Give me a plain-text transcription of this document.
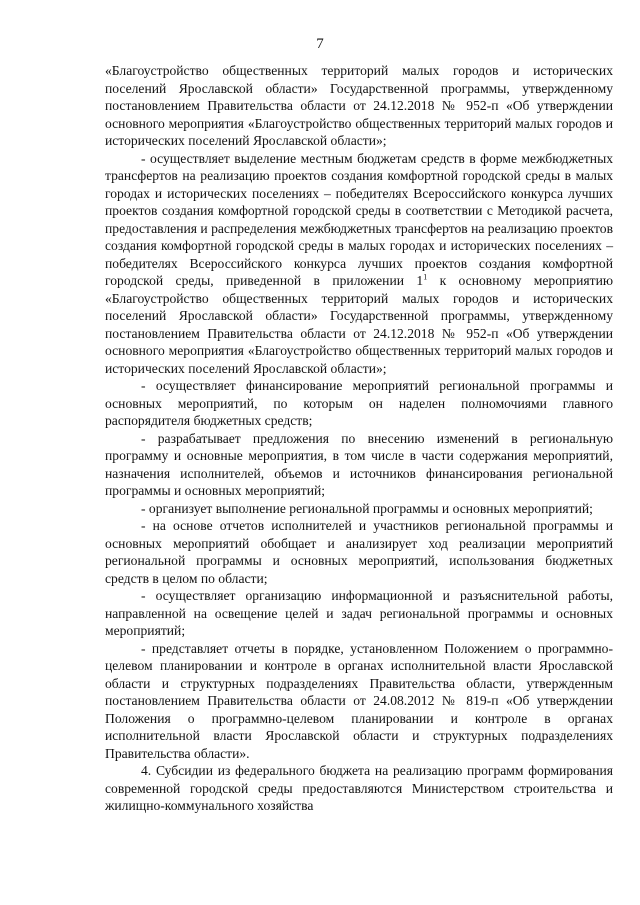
7

«Благоустройство общественных территорий малых городов и исторических поселений Ярославской области» Государственной программы, утвержденному постановлением Правительства области от 24.12.2018 № 952-п «Об утверждении основного мероприятия «Благоустройство общественных территорий малых городов и исторических поселений Ярославской области»;

- осуществляет выделение местным бюджетам средств в форме межбюджетных трансфертов на реализацию проектов создания комфортной городской среды в малых городах и исторических поселениях – победителях Всероссийского конкурса лучших проектов создания комфортной городской среды в соответствии с Методикой расчета, предоставления и распределения межбюджетных трансфертов на реализацию проектов создания комфортной городской среды в малых городах и исторических поселениях – победителях Всероссийского конкурса лучших проектов создания комфортной городской среды, приведенной в приложении $1^1$ к основному мероприятию «Благоустройство общественных территорий малых городов и исторических поселений Ярославской области» Государственной программы, утвержденному постановлением Правительства области от 24.12.2018 № 952-п «Об утверждении основного мероприятия «Благоустройство общественных территорий малых городов и исторических поселений Ярославской области»;

- осуществляет финансирование мероприятий региональной программы и основных мероприятий, по которым он наделен полномочиями главного распорядителя бюджетных средств;

- разрабатывает предложения по внесению изменений в региональную программу и основные мероприятия, в том числе в части содержания мероприятий, назначения исполнителей, объемов и источников финансирования региональной программы и основных мероприятий;

- организует выполнение региональной программы и основных мероприятий;

- на основе отчетов исполнителей и участников региональной программы и основных мероприятий обобщает и анализирует ход реализации мероприятий региональной программы и основных мероприятий, использования бюджетных средств в целом по области;

- осуществляет организацию информационной и разъяснительной работы, направленной на освещение целей и задач региональной программы и основных мероприятий;

- представляет отчеты в порядке, установленном Положением о программно-целевом планировании и контроле в органах исполнительной власти Ярославской области и структурных подразделениях Правительства области, утвержденным постановлением Правительства области от 24.08.2012 № 819-п «Об утверждении Положения о программно-целевом планировании и контроле в органах исполнительной власти Ярославской области и структурных подразделениях Правительства области».

4. Субсидии из федерального бюджета на реализацию программ формирования современной городской среды предоставляются Министерством строительства и жилищно-коммунального хозяйства
